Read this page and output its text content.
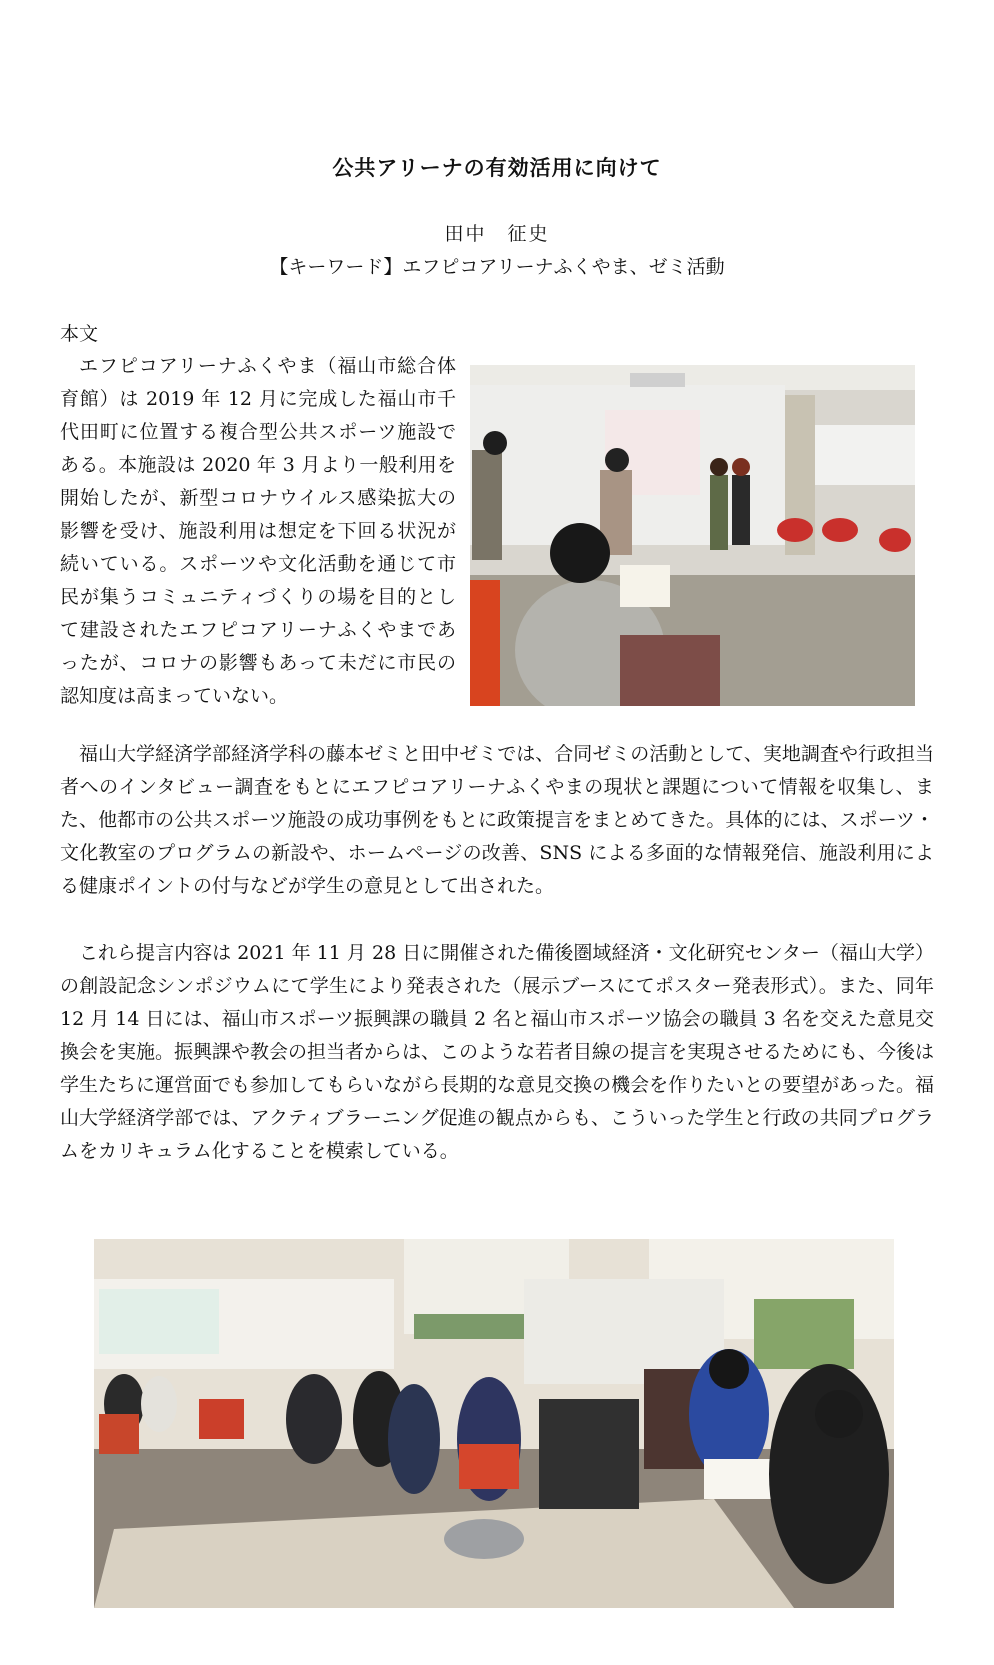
公共アリーナの有効活用に向けて
田中　征史
【キーワード】エフピコアリーナふくやま、ゼミ活動
本文
エフピコアリーナふくやま（福山市総合体育館）は 2019 年 12 月に完成した福山市千代田町に位置する複合型公共スポーツ施設である。本施設は 2020 年 3 月より一般利用を開始したが、新型コロナウイルス感染拡大の影響を受け、施設利用は想定を下回る状況が続いている。スポーツや文化活動を通じて市民が集うコミュニティづくりの場を目的として建設されたエフピコアリーナふくやまであったが、コロナの影響もあって未だに市民の認知度は高まっていない。
福山大学経済学部経済学科の藤本ゼミと田中ゼミでは、合同ゼミの活動として、実地調査や行政担当者へのインタビュー調査をもとにエフピコアリーナふくやまの現状と課題について情報を収集し、また、他都市の公共スポーツ施設の成功事例をもとに政策提言をまとめてきた。具体的には、スポーツ・文化教室のプログラムの新設や、ホームページの改善、SNS による多面的な情報発信、施設利用による健康ポイントの付与などが学生の意見として出された。
これら提言内容は 2021 年 11 月 28 日に開催された備後圏域経済・文化研究センター（福山大学）の創設記念シンポジウムにて学生により発表された（展示ブースにてポスター発表形式）。また、同年 12 月 14 日には、福山市スポーツ振興課の職員 2 名と福山市スポーツ協会の職員 3 名を交えた意見交換会を実施。振興課や教会の担当者からは、このような若者目線の提言を実現させるためにも、今後は学生たちに運営面でも参加してもらいながら長期的な意見交換の機会を作りたいとの要望があった。福山大学経済学部では、アクティブラーニング促進の観点からも、こういった学生と行政の共同プログラムをカリキュラム化することを模索している。
